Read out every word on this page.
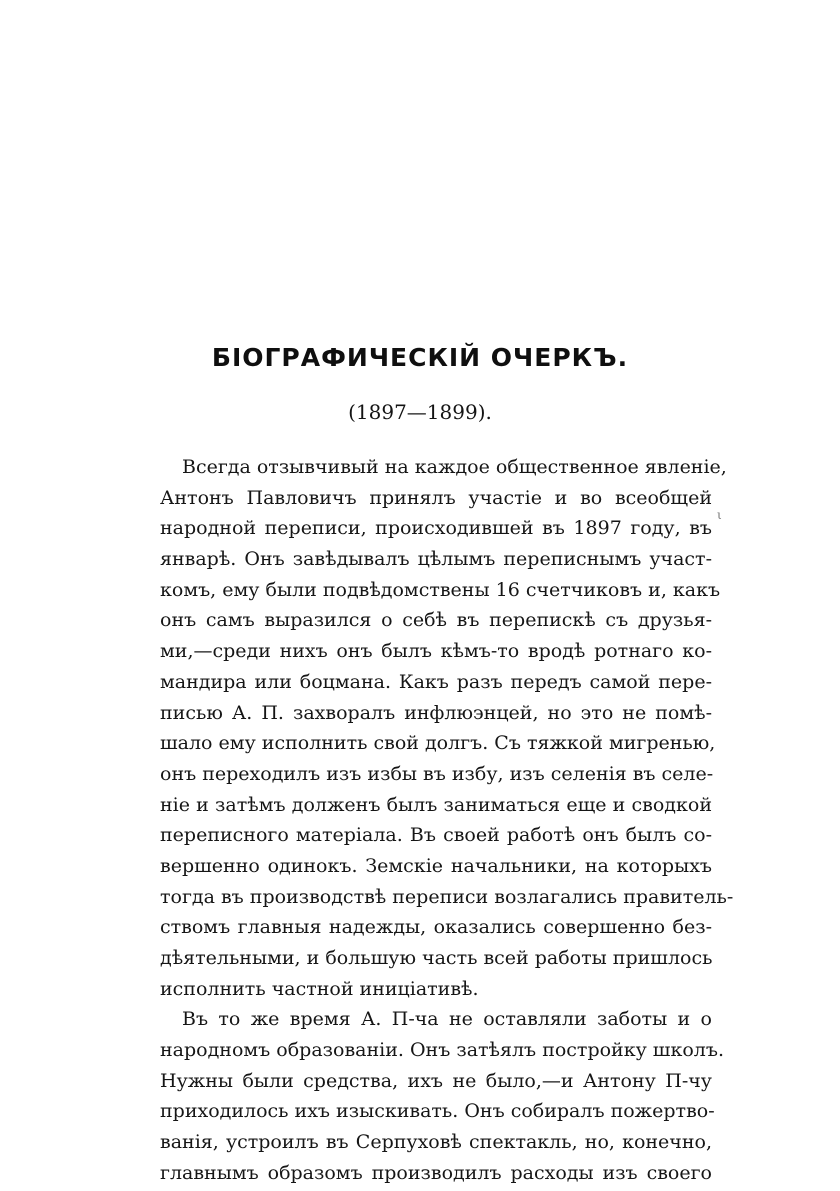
БІОГРАФИЧЕСКІЙ ОЧЕРКЪ.
(1897—1899).
Всегда отзывчивый на каждое общественное явленіе,
Антонъ Павловичъ принялъ участіе и во всеобщей
народной переписи, происходившей въ 1897 году, въ
январѣ. Онъ завѣдывалъ цѣлымъ переписнымъ участ-
комъ, ему были подвѣдомствены 16 счетчиковъ и, какъ
онъ самъ выразился о себѣ въ перепискѣ съ друзья-
ми,—среди нихъ онъ былъ кѣмъ-то вродѣ ротнаго ко-
мандира или боцмана. Какъ разъ передъ самой пере-
писью А. П. захворалъ инфлюэнцей, но это не помѣ-
шало ему исполнить свой долгъ. Съ тяжкой мигренью,
онъ переходилъ изъ избы въ избу, изъ селенія въ селе-
ніе и затѣмъ долженъ былъ заниматься еще и сводкой
переписного матеріала. Въ своей работѣ онъ былъ со-
вершенно одинокъ. Земскіе начальники, на которыхъ
тогда въ производствѣ переписи возлагались правитель-
ствомъ главныя надежды, оказались совершенно без-
дѣятельными, и большую часть всей работы пришлось
исполнить частной иниціативѣ.
Въ то же время А. П-ча не оставляли заботы и о
народномъ образованіи. Онъ затѣялъ постройку школъ.
Нужны были средства, ихъ не было,—и Антону П-чу
приходилось ихъ изыскивать. Онъ собиралъ пожертво-
ванія, устроилъ въ Серпуховѣ спектакль, но, конечно,
главнымъ образомъ производилъ расходы изъ своего
ι
